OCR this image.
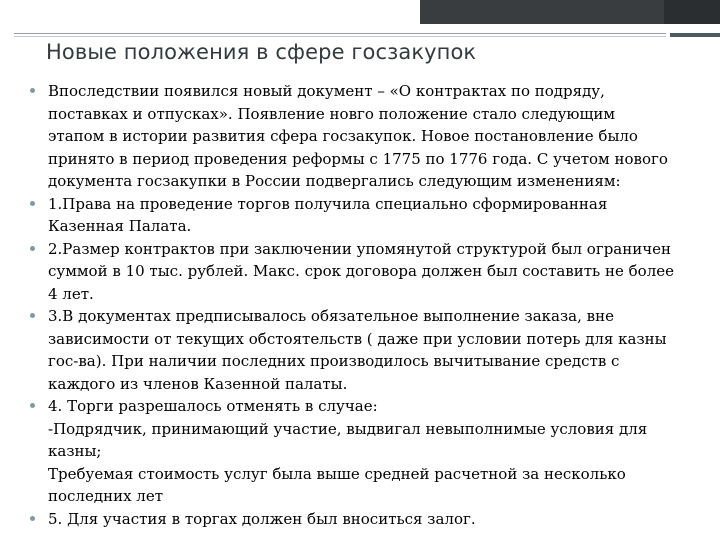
Новые положения в сфере госзакупок
Впоследствии появился новый документ – «О контрактах по подряду,
поставках и отпусках». Появление новго положение стало следующим
этапом в истории развития сфера госзакупок. Новое постановление было
принято в период проведения реформы с 1775 по 1776 года. С учетом нового
документа госзакупки в России подвергались следующим изменениям:
1.Права на проведение торгов получила специально сформированная
Казенная Палата.
2.Размер контрактов при заключении упомянутой структурой был ограничен
суммой в 10 тыс. рублей. Макс. срок договора должен был составить не более
4 лет.
3.В документах предписывалось обязательное выполнение заказа, вне
зависимости от текущих обстоятельств ( даже при условии потерь для казны
гос-ва). При наличии последних производилось вычитывание средств с
каждого из членов Казенной палаты.
4. Торги разрешалось отменять в случае:
-Подрядчик, принимающий участие, выдвигал невыполнимые условия для
казны;
Требуемая стоимость услуг была выше средней расчетной за несколько
последних лет
5. Для участия в торгах должен был вноситься залог.
